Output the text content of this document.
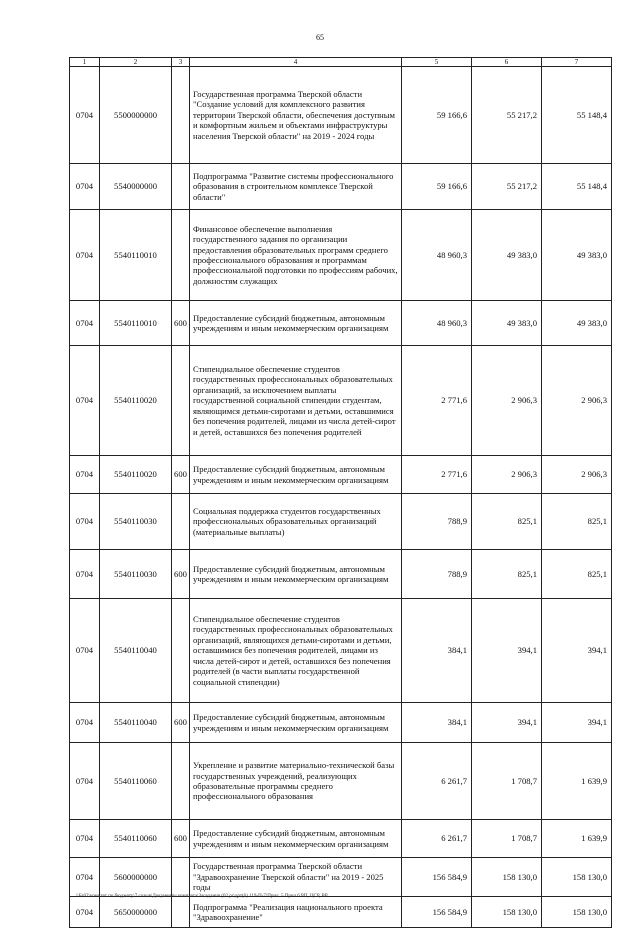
65
1	2	3	4	5	6	7
0704	5500000000		Государственная программа Тверской области "Создание условий для комплексного развития территории Тверской области, обеспечения доступным и комфортным жильем и объектами инфраструктуры населения Тверской области" на 2019 - 2024 годы	59 166,6	55 217,2	55 148,4
0704	5540000000		Подпрограмма "Развитие системы профессионального образования в строительном комплексе Тверской области"	59 166,6	55 217,2	55 148,4
0704	5540110010		Финансовое обеспечение выполнения государственного задания по организации предоставления образовательных программ среднего профессионального образования и программам профессиональной подготовки по профессиям рабочих, должностям служащих	48 960,3	49 383,0	49 383,0
0704	5540110010	600	Предоставление субсидий бюджетным, автономным учреждениям и иным некоммерческим организациям	48 960,3	49 383,0	49 383,0
0704	5540110020		Стипендиальное обеспечение студентов государственных профессиональных образовательных организаций, за исключением выплаты государственной социальной стипендии студентам, являющимся детьми-сиротами и детьми, оставшимися без попечения родителей, лицами из числа детей-сирот и детей, оставшихся без попечения родителей	2 771,6	2 906,3	2 906,3
0704	5540110020	600	Предоставление субсидий бюджетным, автономным учреждениям и иным некоммерческим организациям	2 771,6	2 906,3	2 906,3
0704	5540110030		Социальная поддержка студентов государственных профессиональных образовательных организаций (материальные выплаты)	788,9	825,1	825,1
0704	5540110030	600	Предоставление субсидий бюджетным, автономным учреждениям и иным некоммерческим организациям	788,9	825,1	825,1
0704	5540110040		Стипендиальное обеспечение студентов государственных профессиональных образовательных организаций, являющихся детьми-сиротами и детьми, оставшимися без попечения родителей, лицами из числа детей-сирот и детей, оставшихся без попечения родителей (в части выплаты государственной социальной стипендии)	384,1	394,1	394,1
0704	5540110040	600	Предоставление субсидий бюджетным, автономным учреждениям и иным некоммерческим организациям	384,1	394,1	394,1
0704	5540110060		Укрепление и развитие материально-технической базы государственных учреждений, реализующих образовательные программы среднего профессионального образования	6 261,7	1 708,7	1 639,9
0704	5540110060	600	Предоставление субсидий бюджетным, автономным учреждениям и иным некоммерческим организациям	6 261,7	1 708,7	1 639,9
0704	5600000000		Государственная программа Тверской области "Здравоохранение Тверской области" на 2019 - 2025 годы	156 584,9	158 130,0	158 130,0
0704	5650000000		Подпрограмма "Реализация национального проекта "Здравоохранение"	156 584,9	158 130,0	158 130,0
\\Fs02\комитет по бюджету\7 созыв\Документы комитета\Заседания (02.pr\дрт(6) 119-П-7\Прил. 5 Прил.6 РП, ЦСР, ВР
